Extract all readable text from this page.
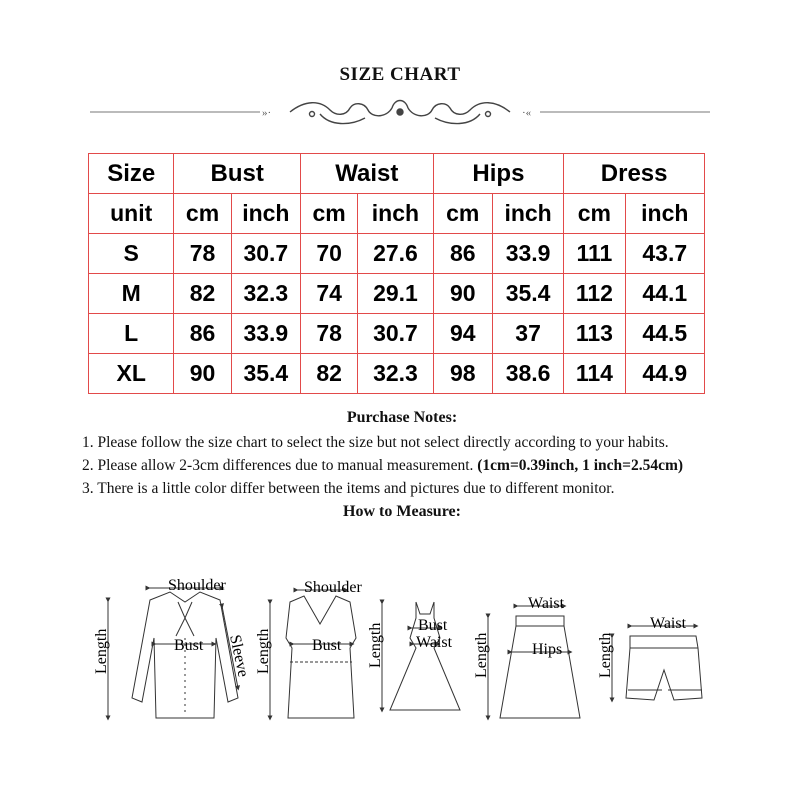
SIZE CHART
»·	·«
Size	Bust		Waist		Hips		Dress	
unit	cm	inch	cm	inch	cm	inch	cm	inch
S	78	30.7	70	27.6	86	33.9	111	43.7
M	82	32.3	74	29.1	90	35.4	112	44.1
L	86	33.9	78	30.7	94	37	113	44.5
XL	90	35.4	82	32.3	98	38.6	114	44.9
Purchase Notes:

1. Please follow the size chart to select the size but not select directly according to your habits.

2. Please allow 2-3cm differences due to manual measurement. (1cm=0.39inch, 1 inch=2.54cm)

3. There is a little color differ between the items and pictures due to different monitor.

How to Measure:
Shoulder
Bust
Length	Sleeve
Shoulder
Bust
Length
Bust
Waist
Length
Waist
Hips
Length
Waist
Length
